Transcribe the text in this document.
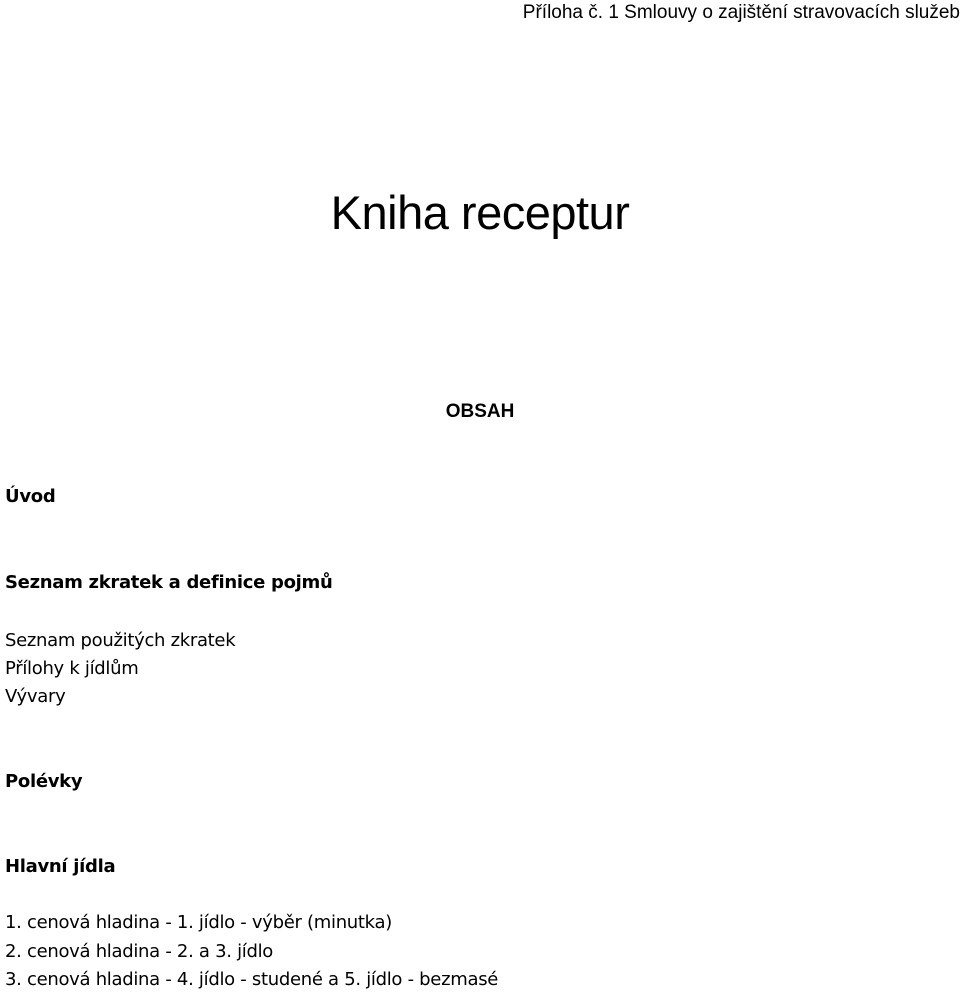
Příloha č. 1 Smlouvy o zajištění stravovacích služeb
Kniha receptur
OBSAH
Úvod
Seznam zkratek a definice pojmů
Seznam použitých zkratek
Přílohy k jídlům
Vývary
Polévky
Hlavní jídla
1. cenová hladina - 1. jídlo - výběr (minutka)
2. cenová hladina - 2. a 3. jídlo
3. cenová hladina - 4. jídlo - studené a 5. jídlo - bezmasé
